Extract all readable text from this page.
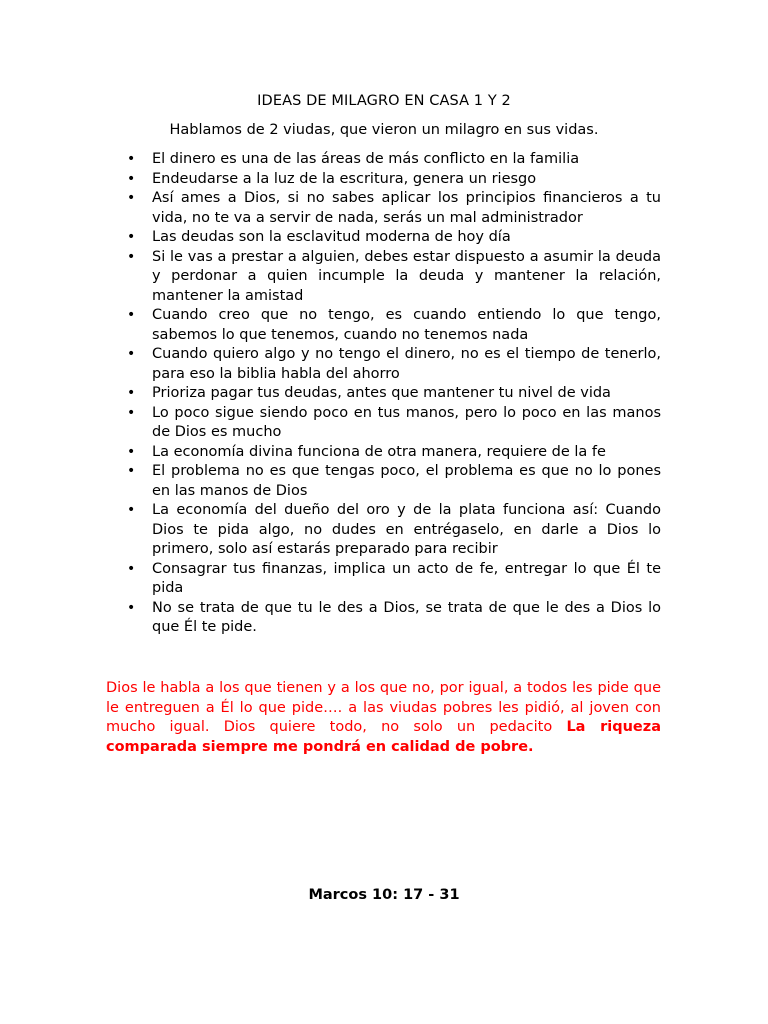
IDEAS DE MILAGRO EN CASA 1 Y 2
Hablamos de 2 viudas, que vieron un milagro en sus vidas.
• El dinero es una de las áreas de más conflicto en la familia
• Endeudarse a la luz de la escritura, genera un riesgo
• Así ames a Dios, si no sabes aplicar los principios financieros a tu vida, no te va a servir de nada, serás un mal administrador
• Las deudas son la esclavitud moderna de hoy día
• Si le vas a prestar a alguien, debes estar dispuesto a asumir la deuda y perdonar a quien incumple la deuda y mantener la relación, mantener la amistad
• Cuando creo que no tengo, es cuando entiendo lo que tengo, sabemos lo que tenemos, cuando no tenemos nada
• Cuando quiero algo y no tengo el dinero, no es el tiempo de tenerlo, para eso la biblia habla del ahorro
• Prioriza pagar tus deudas, antes que mantener tu nivel de vida
• Lo poco sigue siendo poco en tus manos, pero lo poco en las manos de Dios es mucho
• La economía divina funciona de otra manera, requiere de la fe
• El problema no es que tengas poco, el problema es que no lo pones en las manos de Dios
• La economía del dueño del oro y de la plata funciona así: Cuando Dios te pida algo, no dudes en entrégaselo, en darle a Dios lo primero, solo así estarás preparado para recibir
• Consagrar tus finanzas, implica un acto de fe, entregar lo que Él te pida
• No se trata de que tu le des a Dios, se trata de que le des a Dios lo que Él te pide.

Dios le habla a los que tienen y a los que no, por igual, a todos les pide que le entreguen a Él lo que pide…. a las viudas pobres les pidió, al joven con mucho igual. Dios quiere todo, no solo un pedacito La riqueza comparada siempre me pondrá en calidad de pobre.

Marcos 10: 17 - 31
